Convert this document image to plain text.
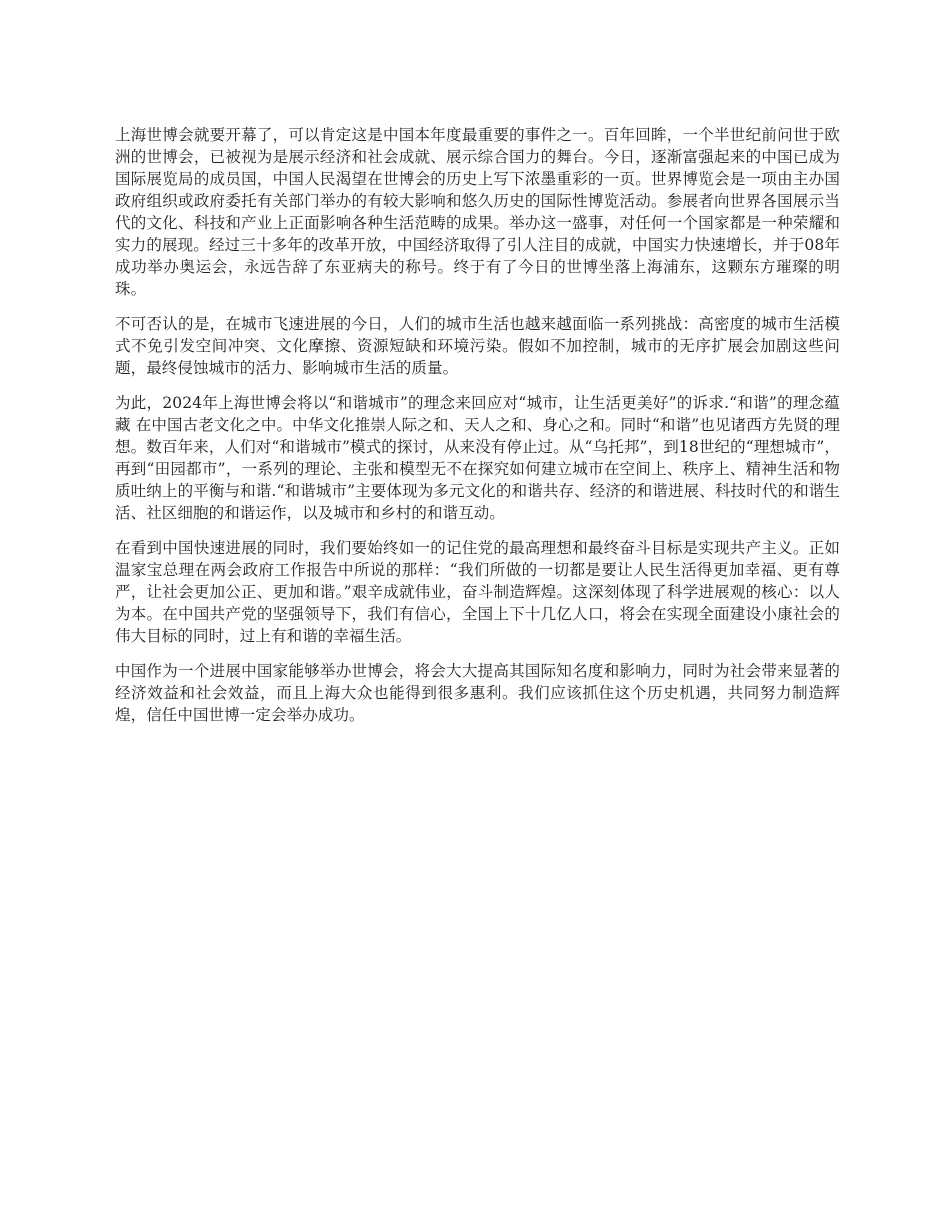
上海世博会就要开幕了，可以肯定这是中国本年度最重要的事件之一。百年回眸，一个半世纪前问世于欧洲的世博会，已被视为是展示经济和社会成就、展示综合国力的舞台。今日，逐渐富强起来的中国已成为国际展览局的成员国，中国人民渴望在世博会的历史上写下浓墨重彩的一页。世界博览会是一项由主办国政府组织或政府委托有关部门举办的有较大影响和悠久历史的国际性博览活动。参展者向世界各国展示当代的文化、科技和产业上正面影响各种生活范畴的成果。举办这一盛事，对任何一个国家都是一种荣耀和实力的展现。经过三十多年的改革开放，中国经济取得了引人注目的成就，中国实力快速增长，并于08年成功举办奥运会，永远告辞了东亚病夫的称号。终于有了今日的世博坐落上海浦东，这颗东方璀璨的明珠。

不可否认的是，在城市飞速进展的今日，人们的城市生活也越来越面临一系列挑战：高密度的城市生活模式不免引发空间冲突、文化摩擦、资源短缺和环境污染。假如不加控制，城市的无序扩展会加剧这些问题，最终侵蚀城市的活力、影响城市生活的质量。

为此，2024年上海世博会将以“和谐城市”的理念来回应对“城市，让生活更美好”的诉求.“和谐”的理念蕴藏 在中国古老文化之中。中华文化推崇人际之和、天人之和、身心之和。同时“和谐”也见诸西方先贤的理想。数百年来，人们对“和谐城市”模式的探讨，从来没有停止过。从“乌托邦”，到18世纪的“理想城市”，再到“田园都市”，一系列的理论、主张和模型无不在探究如何建立城市在空间上、秩序上、精神生活和物质吐纳上的平衡与和谐.“和谐城市”主要体现为多元文化的和谐共存、经济的和谐进展、科技时代的和谐生活、社区细胞的和谐运作，以及城市和乡村的和谐互动。

在看到中国快速进展的同时，我们要始终如一的记住党的最高理想和最终奋斗目标是实现共产主义。正如温家宝总理在两会政府工作报告中所说的那样：“我们所做的一切都是要让人民生活得更加幸福、更有尊严，让社会更加公正、更加和谐。”艰辛成就伟业，奋斗制造辉煌。这深刻体现了科学进展观的核心：以人为本。在中国共产党的坚强领导下，我们有信心，全国上下十几亿人口，将会在实现全面建设小康社会的伟大目标的同时，过上有和谐的幸福生活。

中国作为一个进展中国家能够举办世博会，将会大大提高其国际知名度和影响力，同时为社会带来显著的经济效益和社会效益，而且上海大众也能得到很多惠利。我们应该抓住这个历史机遇，共同努力制造辉煌，信任中国世博一定会举办成功。
